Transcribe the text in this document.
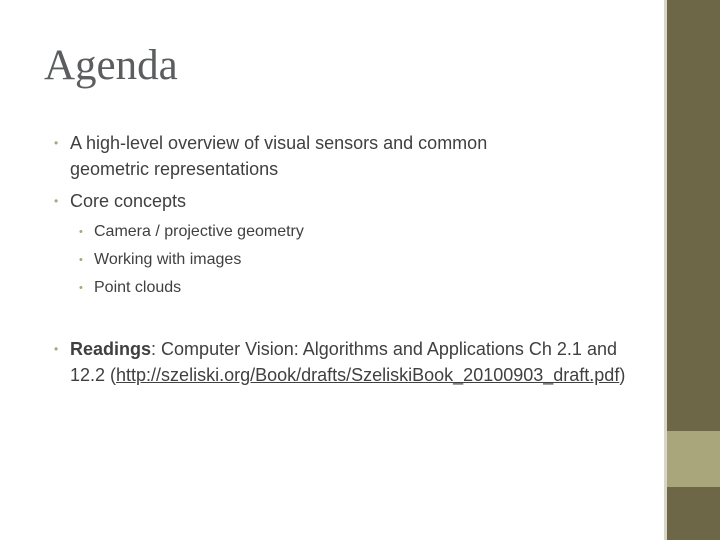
Agenda
• A high-level overview of visual sensors and common geometric representations
• Core concepts
• Camera / projective geometry
• Working with images
• Point clouds
• Readings: Computer Vision: Algorithms and Applications Ch 2.1 and 12.2 (http://szeliski.org/Book/drafts/SzeliskiBook_20100903_draft.pdf)
